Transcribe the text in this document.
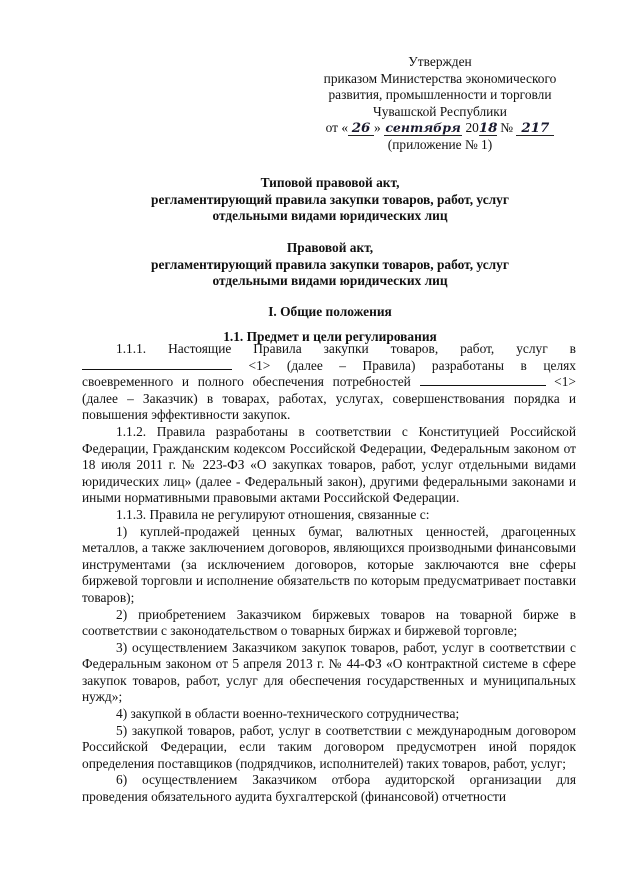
Утвержден
приказом Министерства экономического
развития, промышленности и торговли
Чувашской Республики
от « 26 » сентября 2018 № 217
(приложение № 1)
Типовой правовой акт,
регламентирующий правила закупки товаров, работ, услуг
отдельными видами юридических лиц
Правовой акт,
регламентирующий правила закупки товаров, работ, услуг
отдельными видами юридических лиц
I. Общие положения
1.1. Предмет и цели регулирования

1.1.1. Настоящие Правила закупки товаров, работ, услуг в  <1> (далее – Правила) разработаны в целях своевременного и полного обеспечения потребностей	<1> (далее – Заказчик) в товарах, работах, услугах, совершенствования порядка и повышения эффективности закупок.

1.1.2. Правила разработаны в соответствии с Конституцией Российской Федерации, Гражданским кодексом Российской Федерации, Федеральным законом от 18 июля 2011 г. № 223-ФЗ «О закупках товаров, работ, услуг отдельными видами юридических лиц» (далее - Федеральный закон), другими федеральными законами и иными нормативными правовыми актами Российской Федерации.

1.1.3. Правила не регулируют отношения, связанные с:

1) куплей-продажей ценных бумаг, валютных ценностей, драгоценных металлов, а также заключением договоров, являющихся производными финансовыми инструментами (за исключением договоров, которые заключаются вне сферы биржевой торговли и исполнение обязательств по которым предусматривает поставки товаров);

2) приобретением Заказчиком биржевых товаров на товарной бирже в соответствии с законодательством о товарных биржах и биржевой торговле;

3) осуществлением Заказчиком закупок товаров, работ, услуг в соответствии с Федеральным законом от 5 апреля 2013 г. № 44-ФЗ «О контрактной системе в сфере закупок товаров, работ, услуг для обеспечения государственных и муниципальных нужд»;

4) закупкой в области военно-технического сотрудничества;

5) закупкой товаров, работ, услуг в соответствии с международным договором Российской Федерации, если таким договором предусмотрен иной порядок определения поставщиков (подрядчиков, исполнителей) таких товаров, работ, услуг;

6) осуществлением Заказчиком отбора аудиторской организации для проведения обязательного аудита бухгалтерской (финансовой) отчетности
